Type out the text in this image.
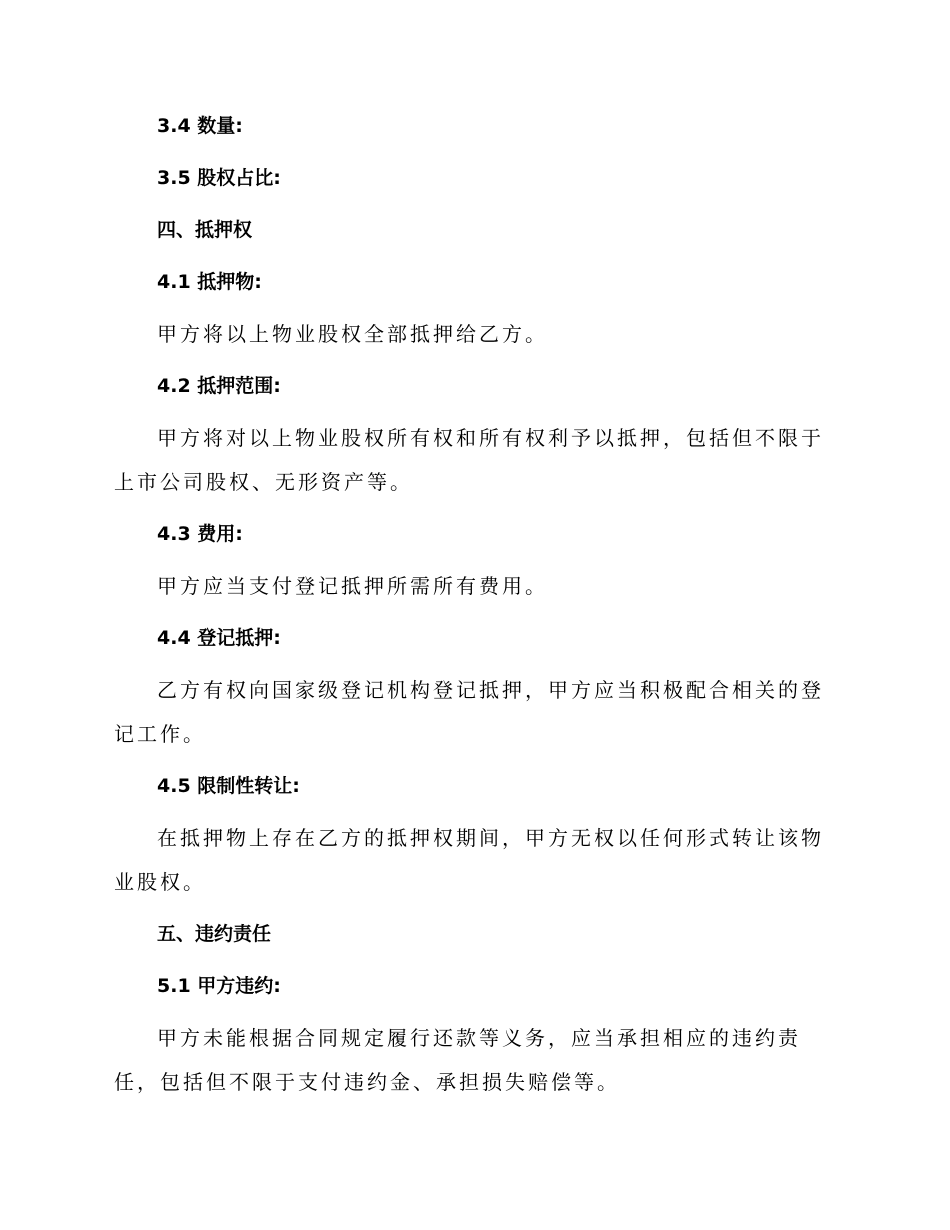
3.4 数量:

3.5 股权占比:

四、抵押权

4.1 抵押物:

甲方将以上物业股权全部抵押给乙方。

4.2 抵押范围:

甲方将对以上物业股权所有权和所有权利予以抵押，包括但不限于上市公司股权、无形资产等。

4.3 费用:

甲方应当支付登记抵押所需所有费用。

4.4 登记抵押:

乙方有权向国家级登记机构登记抵押，甲方应当积极配合相关的登记工作。

4.5 限制性转让:

在抵押物上存在乙方的抵押权期间，甲方无权以任何形式转让该物业股权。

五、违约责任

5.1 甲方违约:

甲方未能根据合同规定履行还款等义务，应当承担相应的违约责任，包括但不限于支付违约金、承担损失赔偿等。
